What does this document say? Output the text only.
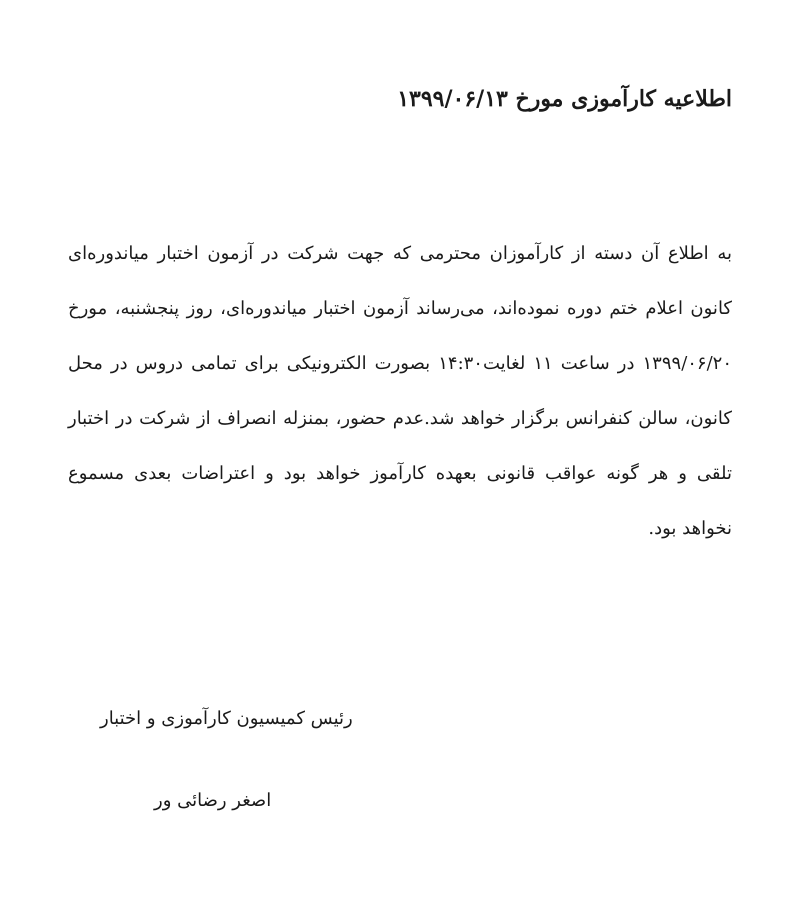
اطلاعیه کارآموزی مورخ ۱۳۹۹/۰۶/۱۳

به اطلاع آن دسته از کارآموزان محترمی که جهت شرکت در آزمون اختبار میاندوره‌ای کانون اعلام ختم دوره نموده‌اند، می‌رساند آزمون اختبار میاندوره‌ای، روز پنجشنبه، مورخ ۱۳۹۹/۰۶/۲۰ در ساعت ۱۱ لغایت۱۴:۳۰ بصورت الکترونیکی برای تمامی دروس در محل کانون، سالن کنفرانس برگزار خواهد شد.عدم حضور، بمنزله انصراف از شرکت در اختبار تلقی و هر گونه عواقب قانونی بعهده کارآموز خواهد بود و اعتراضات بعدی مسموع نخواهد بود.

رئیس کمیسیون کارآموزی و اختبار

اصغر رضائی ور
